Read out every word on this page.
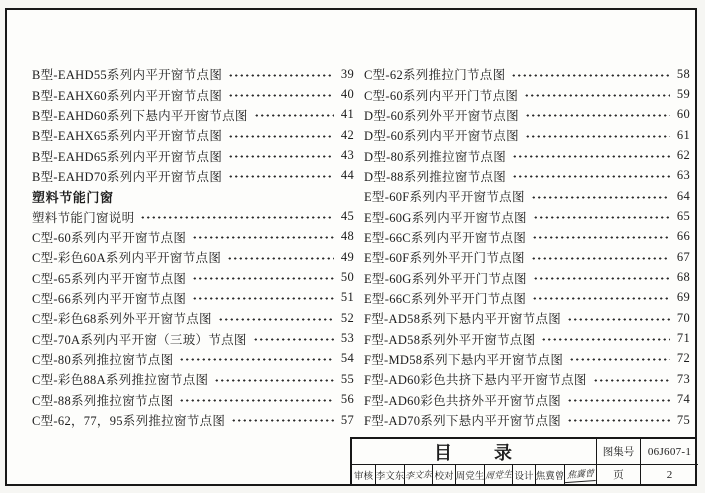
B型-EAHD55系列内平开窗节点图	39
B型-EAHX60系列内平开窗节点图	40
B型-EAHD60系列下悬内平开窗节点图	41
B型-EAHX65系列内平开窗节点图	42
B型-EAHD65系列内平开窗节点图	43
B型-EAHD70系列内平开窗节点图	44
塑料节能门窗
塑料节能门窗说明	45
C型-60系列内平开窗节点图	48
C型-彩色60A系列内平开窗节点图	49
C型-65系列内平开窗节点图	50
C型-66系列内平开窗节点图	51
C型-彩色68系列外平开窗节点图	52
C型-70A系列内平开窗（三玻）节点图	53
C型-80系列推拉窗节点图	54
C型-彩色88A系列推拉窗节点图	55
C型-88系列推拉窗节点图	56
C型-62，77，95系列推拉窗节点图	57
C型-62系列推拉门节点图	58
C型-60系列内平开门节点图	59
D型-60系列外平开窗节点图	60
D型-60系列内平开窗节点图	61
D型-80系列推拉窗节点图	62
D型-88系列推拉窗节点图	63
E型-60F系列内平开窗节点图	64
E型-60G系列内平开窗节点图	65
E型-66C系列内平开窗节点图	66
E型-60F系列外平开门节点图	67
E型-60G系列外平开门节点图	68
E型-66C系列外平开门节点图	69
F型-AD58系列下悬内平开窗节点图	70
F型-AD58系列外平开窗节点图	71
F型-MD58系列下悬内平开窗节点图	72
F型-AD60彩色共挤下悬内平开窗节点图	73
F型-AD60彩色共挤外平开窗节点图	74
F型-AD70系列下悬内平开窗节点图	75
目　　录	图集号	06J607-1
审核 李文东 李文东 校对 周党生 周党生 设计 焦冀曾 焦冀曾	页	2
